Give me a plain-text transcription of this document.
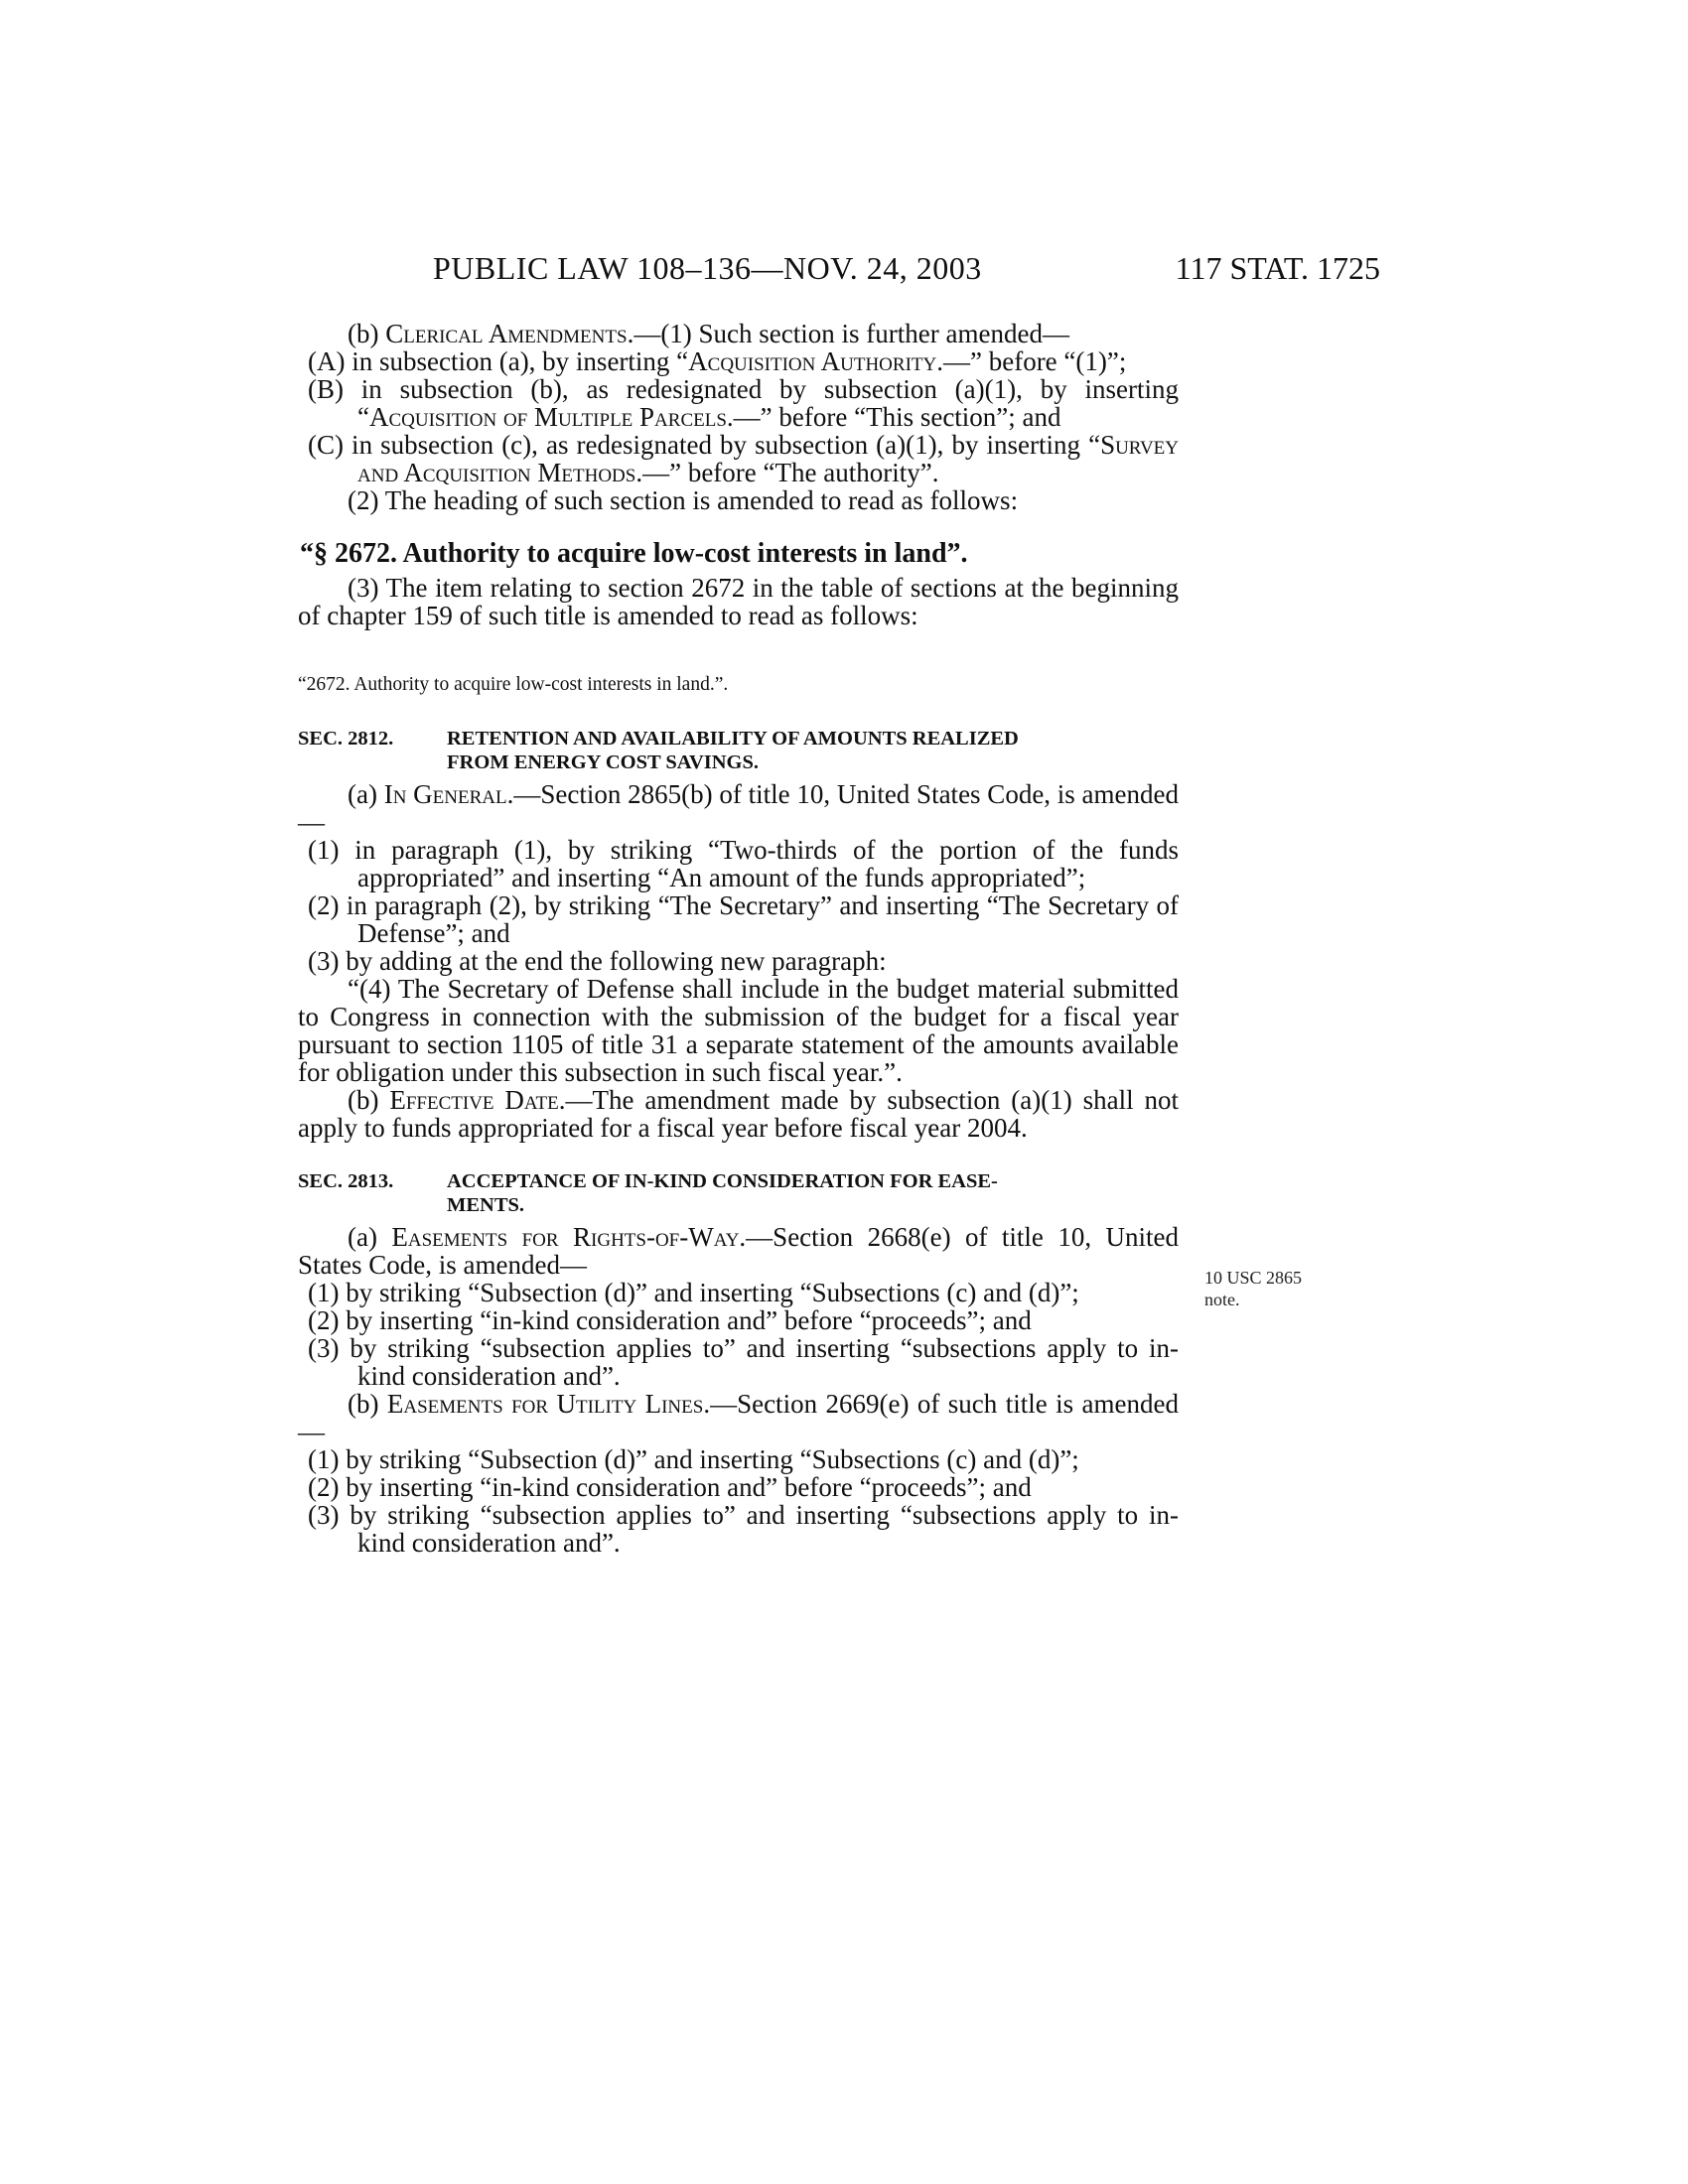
PUBLIC LAW 108–136—NOV. 24, 2003	117 STAT. 1725

(b) Clerical Amendments.—(1) Such section is further amended—

(A) in subsection (a), by inserting “Acquisition Authority.—” before “(1)”;

(B) in subsection (b), as redesignated by subsection (a)(1), by inserting “Acquisition of Multiple Parcels.—” before “This section”; and

(C) in subsection (c), as redesignated by subsection (a)(1), by inserting “Survey and Acquisition Methods.—” before “The authority”.

(2) The heading of such section is amended to read as follows:

“§ 2672. Authority to acquire low-cost interests in land”.

(3) The item relating to section 2672 in the table of sections at the beginning of chapter 159 of such title is amended to read as follows:

“2672. Authority to acquire low-cost interests in land.”.

SEC. 2812.	RETENTION AND AVAILABILITY OF AMOUNTS REALIZED
FROM ENERGY COST SAVINGS.

(a) In General.—Section 2865(b) of title 10, United States Code, is amended—

(1) in paragraph (1), by striking “Two-thirds of the portion of the funds appropriated” and inserting “An amount of the funds appropriated”;

(2) in paragraph (2), by striking “The Secretary” and inserting “The Secretary of Defense”; and

(3) by adding at the end the following new paragraph:

“(4) The Secretary of Defense shall include in the budget material submitted to Congress in connection with the submission of the budget for a fiscal year pursuant to section 1105 of title 31 a separate statement of the amounts available for obligation under this subsection in such fiscal year.”.

(b) Effective Date.—The amendment made by subsection (a)(1) shall not apply to funds appropriated for a fiscal year before fiscal year 2004.

SEC. 2813.	ACCEPTANCE OF IN-KIND CONSIDERATION FOR EASE-
MENTS.

(a) Easements for Rights-of-Way.—Section 2668(e) of title 10, United States Code, is amended—

(1) by striking “Subsection (d)” and inserting “Subsections (c) and (d)”;

(2) by inserting “in-kind consideration and” before “proceeds”; and

(3) by striking “subsection applies to” and inserting “subsections apply to in-kind consideration and”.

(b) Easements for Utility Lines.—Section 2669(e) of such title is amended—

(1) by striking “Subsection (d)” and inserting “Subsections (c) and (d)”;

(2) by inserting “in-kind consideration and” before “proceeds”; and

(3) by striking “subsection applies to” and inserting “subsections apply to in-kind consideration and”.

10 USC 2865
note.
